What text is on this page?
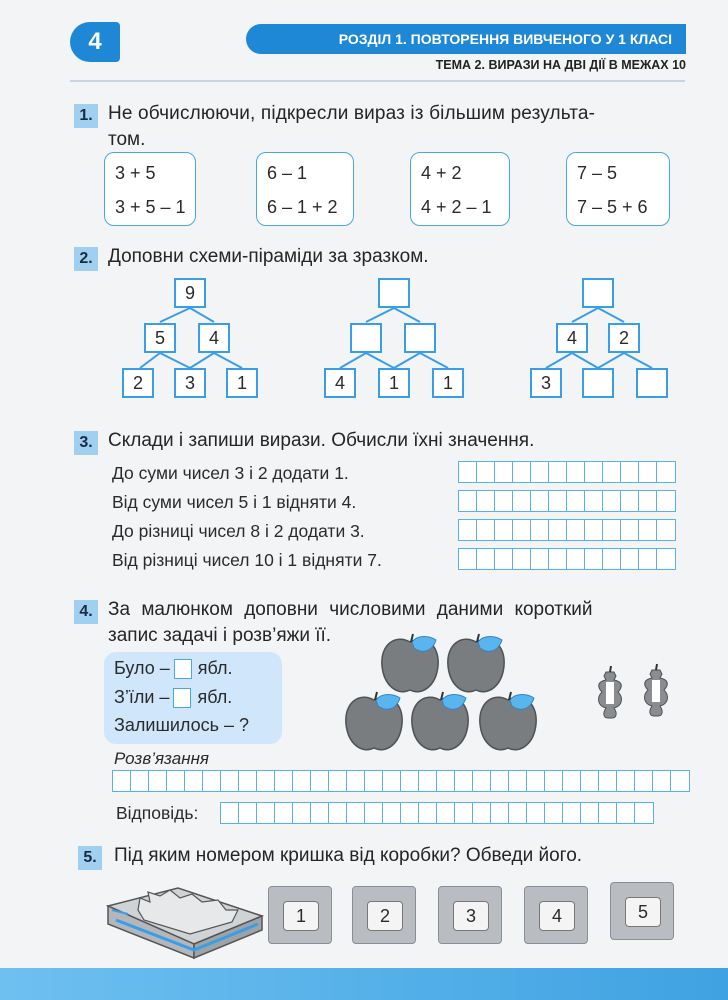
4	РОЗДІЛ 1. ПОВТОРЕННЯ ВИВЧЕНОГО У 1 КЛАСІ
ТЕМА 2. ВИРАЗИ НА ДВІ ДІЇ В МЕЖАХ 10
1. Не обчислюючи, підкресли вираз із більшим результа-
том.
3 + 5
3 + 5 – 1
6 – 1
6 – 1 + 2
4 + 2
4 + 2 – 1
7 – 5
7 – 5 + 6
2. Доповни схеми-піраміди за зразком.
9
5	4
2	3	1	4	1	1
4	2
3
3. Склади і запиши вирази. Обчисли їхні значення.
До суми чисел 3 і 2 додати 1.
Від суми чисел 5 і 1 відняти 4.
До різниці чисел 8 і 2 додати 3.
Від різниці чисел 10 і 1 відняти 7.
4. За малюнком доповни числовими даними короткий
запис задачі і розв’яжи її.
Було – ябл.
З’їли – ябл.
Залишилось – ?
Розв’язання
Відповідь:
5. Під яким номером кришка від коробки? Обведи його.
1	2	3	4	5
